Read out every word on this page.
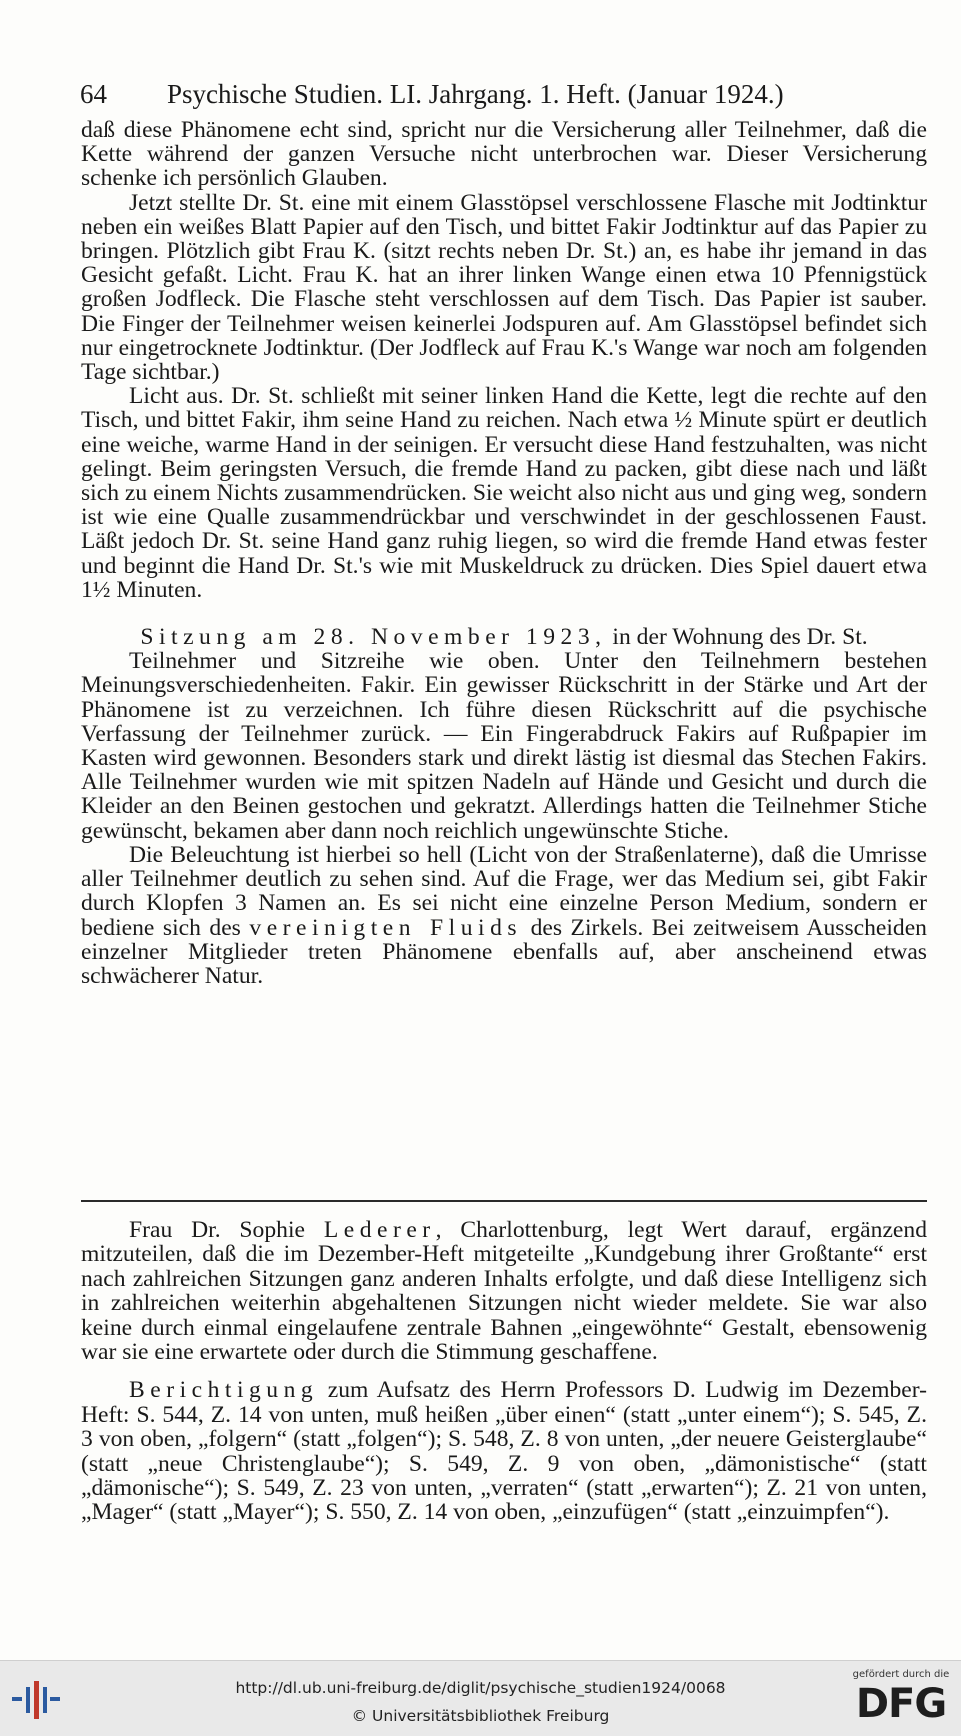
64 Psychische Studien. LI. Jahrgang. 1. Heft. (Januar 1924.)

daß diese Phänomene echt sind, spricht nur die Versicherung aller Teilnehmer, daß die Kette während der ganzen Versuche nicht unterbrochen war. Dieser Versicherung schenke ich persönlich Glauben.

Jetzt stellte Dr. St. eine mit einem Glasstöpsel verschlossene Flasche mit Jodtinktur neben ein weißes Blatt Papier auf den Tisch, und bittet Fakir Jodtinktur auf das Papier zu bringen. Plötzlich gibt Frau K. (sitzt rechts neben Dr. St.) an, es habe ihr jemand in das Gesicht gefaßt. Licht. Frau K. hat an ihrer linken Wange einen etwa 10 Pfennigstück großen Jodfleck. Die Flasche steht verschlossen auf dem Tisch. Das Papier ist sauber. Die Finger der Teilnehmer weisen keinerlei Jodspuren auf. Am Glasstöpsel befindet sich nur eingetrocknete Jodtinktur. (Der Jodfleck auf Frau K.'s Wange war noch am folgenden Tage sichtbar.)

Licht aus. Dr. St. schließt mit seiner linken Hand die Kette, legt die rechte auf den Tisch, und bittet Fakir, ihm seine Hand zu reichen. Nach etwa ½ Minute spürt er deutlich eine weiche, warme Hand in der seinigen. Er versucht diese Hand festzuhalten, was nicht gelingt. Beim geringsten Versuch, die fremde Hand zu packen, gibt diese nach und läßt sich zu einem Nichts zusammendrücken. Sie weicht also nicht aus und ging weg, sondern ist wie eine Qualle zusammendrückbar und verschwindet in der geschlossenen Faust. Läßt jedoch Dr. St. seine Hand ganz ruhig liegen, so wird die fremde Hand etwas fester und beginnt die Hand Dr. St.'s wie mit Muskeldruck zu drücken. Dies Spiel dauert etwa 1½ Minuten.

Sitzung am 28. November 1923, in der Wohnung des Dr. St.

Teilnehmer und Sitzreihe wie oben. Unter den Teilnehmern bestehen Meinungsverschiedenheiten. Fakir. Ein gewisser Rückschritt in der Stärke und Art der Phänomene ist zu verzeichnen. Ich führe diesen Rückschritt auf die psychische Verfassung der Teilnehmer zurück. — Ein Fingerabdruck Fakirs auf Rußpapier im Kasten wird gewonnen. Besonders stark und direkt lästig ist diesmal das Stechen Fakirs. Alle Teilnehmer wurden wie mit spitzen Nadeln auf Hände und Gesicht und durch die Kleider an den Beinen gestochen und gekratzt. Allerdings hatten die Teilnehmer Stiche gewünscht, bekamen aber dann noch reichlich ungewünschte Stiche.

Die Beleuchtung ist hierbei so hell (Licht von der Straßenlaterne), daß die Umrisse aller Teilnehmer deutlich zu sehen sind. Auf die Frage, wer das Medium sei, gibt Fakir durch Klopfen 3 Namen an. Es sei nicht eine einzelne Person Medium, sondern er bediene sich des vereinigten Fluids des Zirkels. Bei zeitweisem Ausscheiden einzelner Mitglieder treten Phänomene ebenfalls auf, aber anscheinend etwas schwächerer Natur.

Frau Dr. Sophie Lederer, Charlottenburg, legt Wert darauf, ergänzend mitzuteilen, daß die im Dezember-Heft mitgeteilte „Kundgebung ihrer Großtante“ erst nach zahlreichen Sitzungen ganz anderen Inhalts erfolgte, und daß diese Intelligenz sich in zahlreichen weiterhin abgehaltenen Sitzungen nicht wieder meldete. Sie war also keine durch einmal eingelaufene zentrale Bahnen „eingewöhnte“ Gestalt, ebensowenig war sie eine erwartete oder durch die Stimmung geschaffene.

Berichtigung zum Aufsatz des Herrn Professors D. Ludwig im Dezember-Heft: S. 544, Z. 14 von unten, muß heißen „über einen“ (statt „unter einem“); S. 545, Z. 3 von oben, „folgern“ (statt „folgen“); S. 548, Z. 8 von unten, „der neuere Geisterglaube“ (statt „neue Christenglaube“); S. 549, Z. 9 von oben, „dämonistische“ (statt „dämonische“); S. 549, Z. 23 von unten, „verraten“ (statt „erwarten“); Z. 21 von unten, „Mager“ (statt „Mayer“); S. 550, Z. 14 von oben, „einzufügen“ (statt „einzuimpfen“).

http://dl.ub.uni-freiburg.de/diglit/psychische_studien1924/0068
© Universitätsbibliothek Freiburg
gefördert durch die
DFG
